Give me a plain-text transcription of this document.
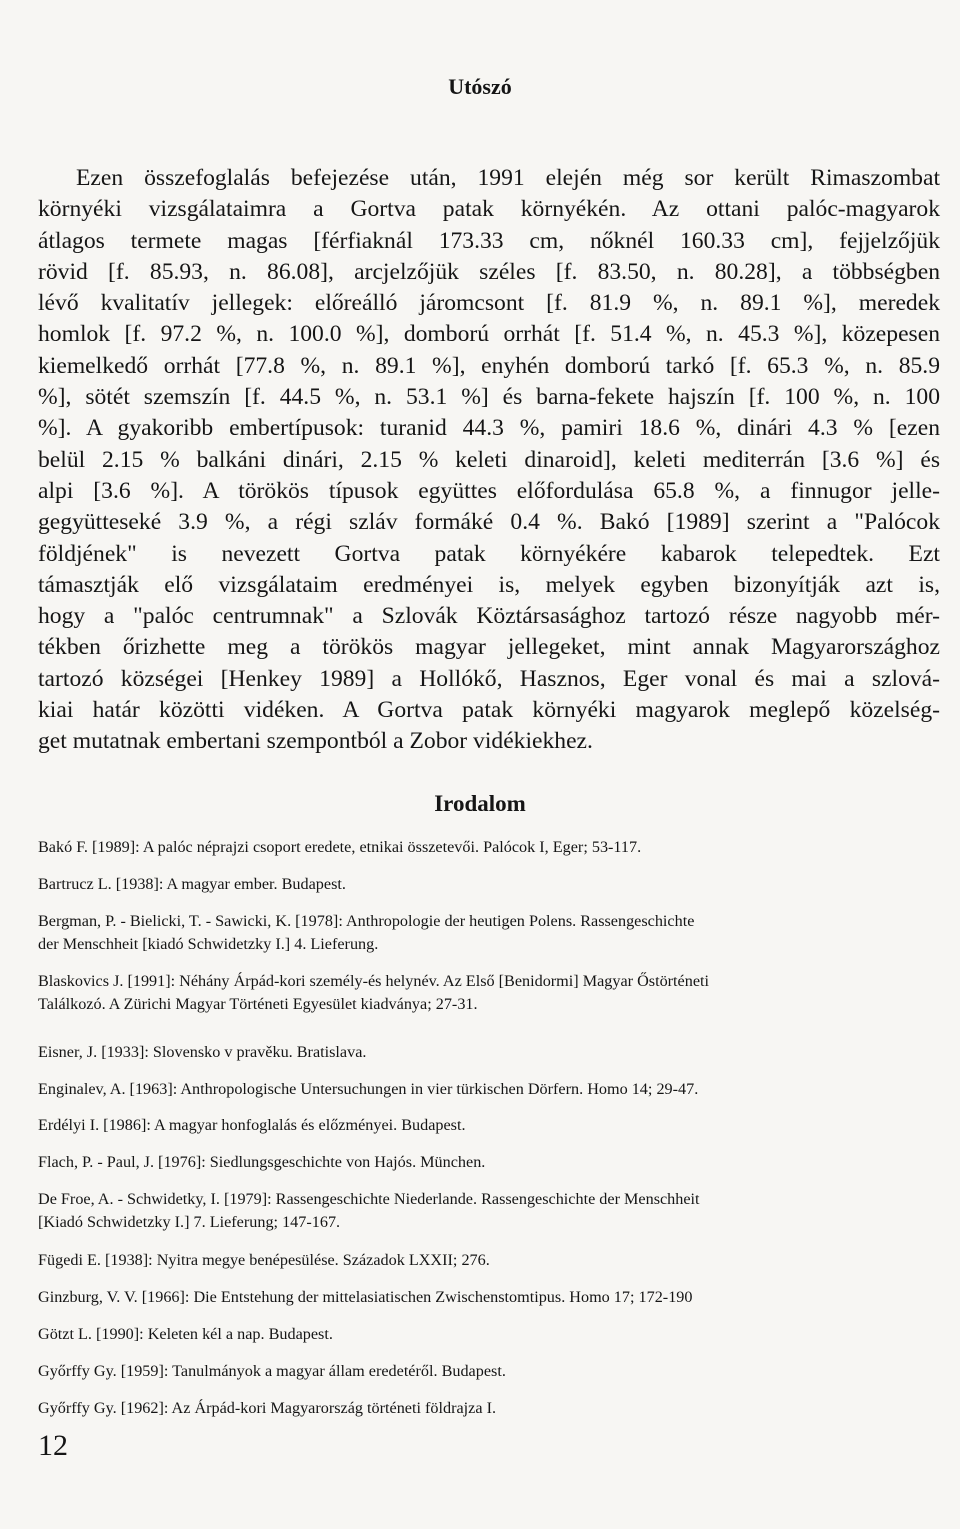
Utószó
Ezen összefoglalás befejezése után, 1991 elején még sor került Rimaszombat
környéki vizsgálataimra a Gortva patak környékén. Az ottani palóc-magyarok
átlagos termete magas [férfiaknál 173.33 cm, nőknél 160.33 cm], fejjelzőjük
rövid [f. 85.93, n. 86.08], arcjelzőjük széles [f. 83.50, n. 80.28], a többségben
lévő kvalitatív jellegek: előreálló járomcsont [f. 81.9 %, n. 89.1 %], meredek
homlok [f. 97.2 %, n. 100.0 %], domború orrhát [f. 51.4 %, n. 45.3 %], közepesen
kiemelkedő orrhát [77.8 %, n. 89.1 %], enyhén domború tarkó [f. 65.3 %, n. 85.9
%], sötét szemszín [f. 44.5 %, n. 53.1 %] és barna-fekete hajszín [f. 100 %, n. 100
%]. A gyakoribb embertípusok: turanid 44.3 %, pamiri 18.6 %, dinári 4.3 % [ezen
belül 2.15 % balkáni dinári, 2.15 % keleti dinaroid], keleti mediterrán [3.6 %] és
alpi [3.6 %]. A törökös típusok együttes előfordulása 65.8 %, a finnugor jelle-
gegyütteseké 3.9 %, a régi szláv formáké 0.4 %. Bakó [1989] szerint a "Palócok
földjének" is nevezett Gortva patak környékére kabarok telepedtek. Ezt
támasztják elő vizsgálataim eredményei is, melyek egyben bizonyítják azt is,
hogy a "palóc centrumnak" a Szlovák Köztársasághoz tartozó része nagyobb mér-
tékben őrizhette meg a törökös magyar jellegeket, mint annak Magyarországhoz
tartozó községei [Henkey 1989] a Hollókő, Hasznos, Eger vonal és mai a szlová-
kiai határ közötti vidéken. A Gortva patak környéki magyarok meglepő közelség-
get mutatnak embertani szempontból a Zobor vidékiekhez.
Irodalom
Bakó F. [1989]: A palóc néprajzi csoport eredete, etnikai összetevői. Palócok I, Eger; 53-117.
Bartrucz L. [1938]: A magyar ember. Budapest.
Bergman, P. - Bielicki, T. - Sawicki, K. [1978]: Anthropologie der heutigen Polens. Rassengeschichte
der Menschheit [kiadó Schwidetzky I.] 4. Lieferung.
Blaskovics J. [1991]: Néhány Árpád-kori személy-és helynév. Az Első [Benidormi] Magyar Őstörténeti
Találkozó. A Zürichi Magyar Történeti Egyesület kiadványa; 27-31.
Eisner, J. [1933]: Slovensko v pravěku. Bratislava.
Enginalev, A. [1963]: Anthropologische Untersuchungen in vier türkischen Dörfern. Homo 14; 29-47.
Erdélyi I. [1986]: A magyar honfoglalás és előzményei. Budapest.
Flach, P. - Paul, J. [1976]: Siedlungsgeschichte von Hajós. München.
De Froe, A. - Schwidetky, I. [1979]: Rassengeschichte Niederlande. Rassengeschichte der Menschheit
[Kiadó Schwidetzky I.] 7. Lieferung; 147-167.
Fügedi E. [1938]: Nyitra megye benépesülése. Századok LXXII; 276.
Ginzburg, V. V. [1966]: Die Entstehung der mittelasiatischen Zwischenstomtipus. Homo 17; 172-190
Götzt L. [1990]: Keleten kél a nap. Budapest.
Győrffy Gy. [1959]: Tanulmányok a magyar állam eredetéről. Budapest.
Győrffy Gy. [1962]: Az Árpád-kori Magyarország történeti földrajza I.
12
